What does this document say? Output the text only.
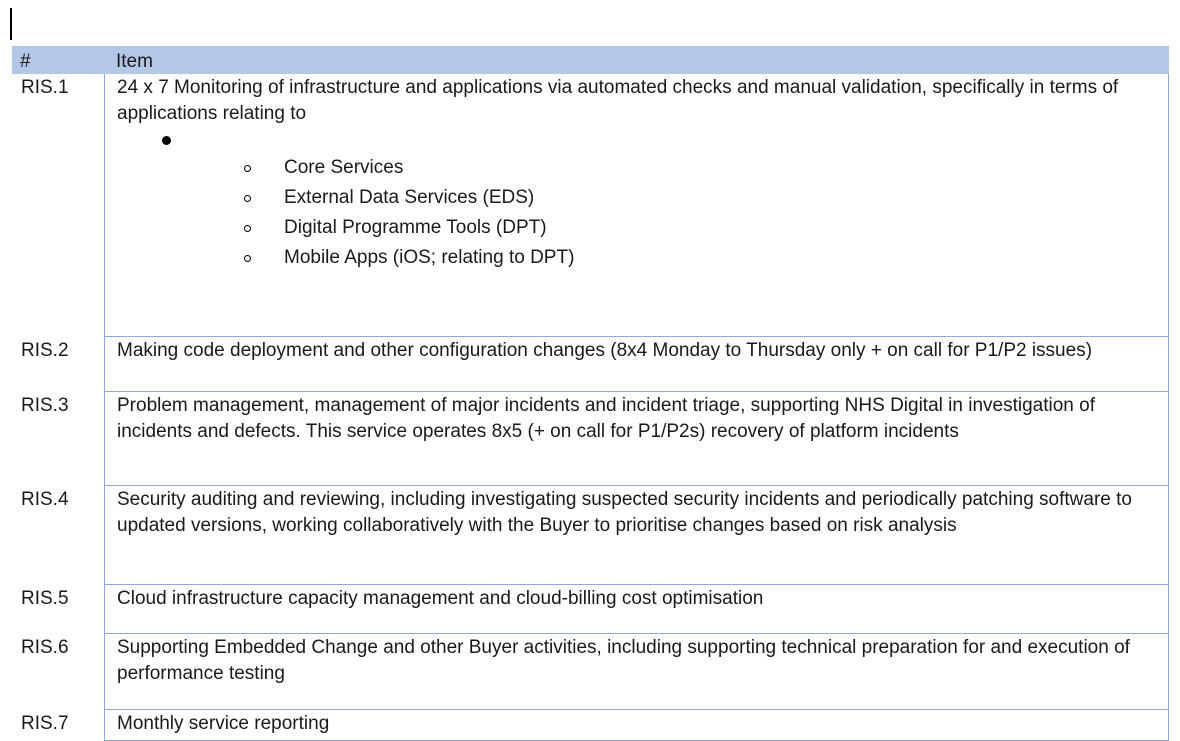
#	Item
RIS.1	24 x 7 Monitoring of infrastructure and applications via automated checks and manual validation, specifically in terms of applications relating to
Core Services
External Data Services (EDS)
Digital Programme Tools (DPT)
Mobile Apps (iOS; relating to DPT)
RIS.2	Making code deployment and other configuration changes (8x4 Monday to Thursday only + on call for P1/P2 issues)
RIS.3	Problem management, management of major incidents and incident triage, supporting NHS Digital in investigation of incidents and defects. This service operates 8x5 (+ on call for P1/P2s) recovery of platform incidents
RIS.4	Security auditing and reviewing, including investigating suspected security incidents and periodically patching software to updated versions, working collaboratively with the Buyer to prioritise changes based on risk analysis
RIS.5	Cloud infrastructure capacity management and cloud-billing cost optimisation
RIS.6	Supporting Embedded Change and other Buyer activities, including supporting technical preparation for and execution of performance testing
RIS.7	Monthly service reporting
